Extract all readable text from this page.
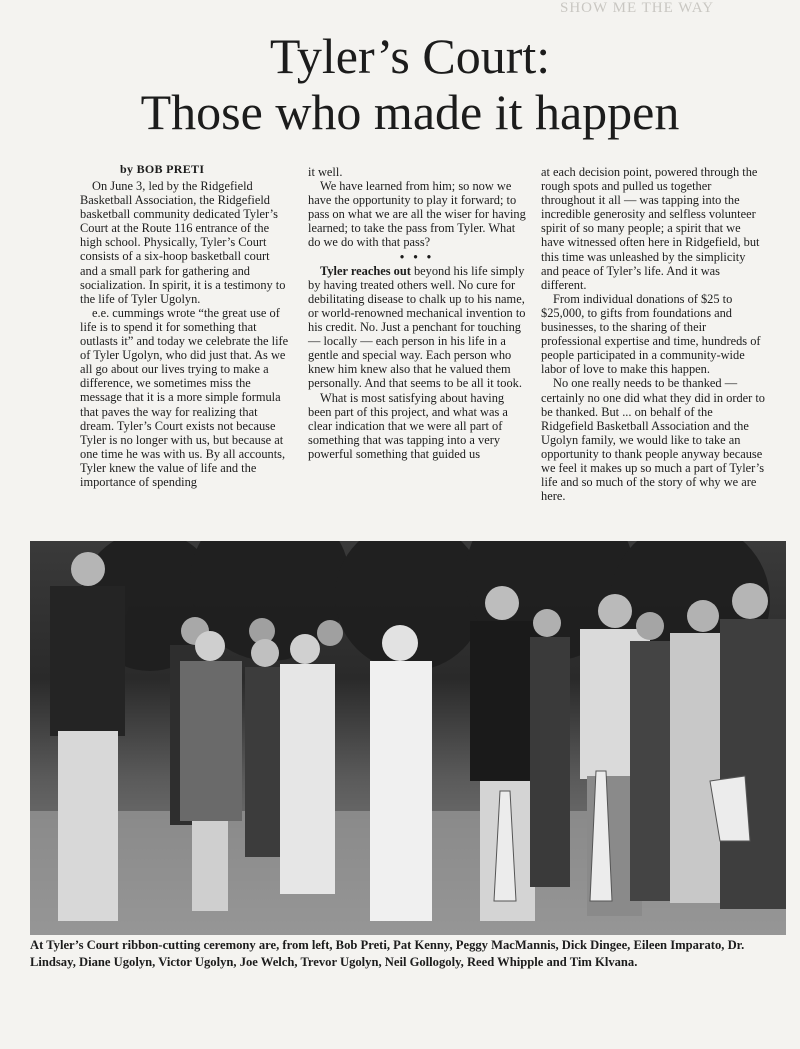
SHOW ME THE WAY
Tyler’s Court:
Those who made it happen
by BOB PRETI

On June 3, led by the Ridgefield Basketball Association, the Ridgefield basketball community dedicated Tyler’s Court at the Route 116 entrance of the high school. Physically, Tyler’s Court consists of a six-hoop basketball court and a small park for gathering and socialization. In spirit, it is a testimony to the life of Tyler Ugolyn.

e.e. cummings wrote “the great use of life is to spend it for something that outlasts it” and today we celebrate the life of Tyler Ugolyn, who did just that. As we all go about our lives trying to make a difference, we sometimes miss the message that it is a more simple formula that paves the way for realizing that dream. Tyler’s Court exists not because Tyler is no longer with us, but because at one time he was with us. By all accounts, Tyler knew the value of life and the importance of spending

it well.

We have learned from him; so now we have the opportunity to play it forward; to pass on what we are all the wiser for having learned; to take the pass from Tyler. What do we do with that pass?

• • •

Tyler reaches out beyond his life simply by having treated others well. No cure for debilitating disease to chalk up to his name, or world-renowned mechanical invention to his credit. No. Just a penchant for touching — locally — each person in his life in a gentle and special way. Each person who knew him knew also that he valued them personally. And that seems to be all it took.

What is most satisfying about having been part of this project, and what was a clear indication that we were all part of something that was tapping into a very powerful something that guided us

at each decision point, powered through the rough spots and pulled us together throughout it all — was tapping into the incredible generosity and selfless volunteer spirit of so many people; a spirit that we have witnessed often here in Ridgefield, but this time was unleashed by the simplicity and peace of Tyler’s life. And it was different.

From individual donations of $25 to $25,000, to gifts from foundations and businesses, to the sharing of their professional expertise and time, hundreds of people participated in a community-wide labor of love to make this happen.

No one really needs to be thanked — certainly no one did what they did in order to be thanked. But ... on behalf of the Ridgefield Basketball Association and the Ugolyn family, we would like to take an opportunity to thank people anyway because we feel it makes up so much a part of Tyler’s life and so much of the story of why we are here.

At Tyler’s Court ribbon-cutting ceremony are, from left, Bob Preti, Pat Kenny, Peggy MacMannis, Dick Dingee, Eileen Imparato, Dr. Lindsay, Diane Ugolyn, Victor Ugolyn, Joe Welch, Trevor Ugolyn, Neil Gollogoly, Reed Whipple and Tim Klvana.
